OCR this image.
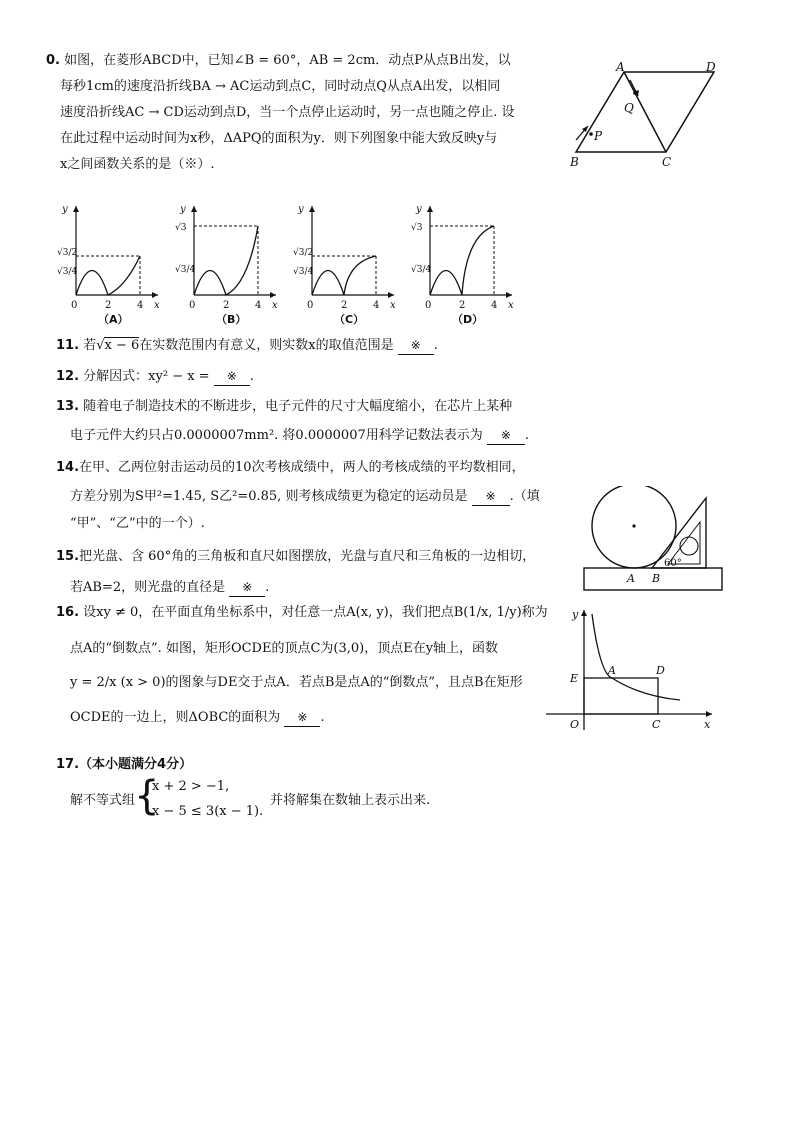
0. 如图，在菱形ABCD中，已知∠B = 60°，AB = 2cm．动点P从点B出发，以
每秒1cm的速度沿折线BA → AC运动到点C，同时动点Q从点A出发，以相同
速度沿折线AC → CD运动到点D，当一个点停止运动时，另一点也随之停止. 设
在此过程中运动时间为x秒，ΔAPQ的面积为y．则下列图象中能大致反映y与
x之间函数关系的是（※）.
A	D
B	C
P
Q
y
x
√3/2
√3/4
0	2	4
（A）
y
x
√3
√3/4
0	2	4
（B）
y
x
√3/2
√3/4
0	2	4
（C）
y
x
√3
√3/4
0	2	4
（D）
11. 若√x − 6在实数范围内有意义，则实数x的取值范围是 ※ .
12. 分解因式：xy² − x = ※ .
13. 随着电子制造技术的不断进步，电子元件的尺寸大幅度缩小，在芯片上某种
电子元件大约只占0.0000007mm². 将0.0000007用科学记数法表示为 ※ .
14.在甲、乙两位射击运动员的10次考核成绩中，两人的考核成绩的平均数相同，
方差分别为S甲²=1.45, S乙²=0.85, 则考核成绩更为稳定的运动员是 ※ .（填
“甲”、“乙”中的一个）.
15.把光盘、含 60°角的三角板和直尺如图摆放，光盘与直尺和三角板的一边相切，
若AB=2，则光盘的直径是 ※ .
A B
60°
16. 设xy ≠ 0，在平面直角坐标系中，对任意一点A(x, y)，我们把点B(1/x, 1/y)称为
点A的“倒数点”. 如图，矩形OCDE的顶点C为(3,0)，顶点E在y轴上，函数
y = 2/x (x > 0)的图象与DE交于点A．若点B是点A的“倒数点”，且点B在矩形
OCDE的一边上，则ΔOBC的面积为 ※ .
y
x
O	C
D
E
A
17.（本小题满分4分）
解不等式组
{
x + 2 > −1,
x − 5 ≤ 3(x − 1).
并将解集在数轴上表示出来.
